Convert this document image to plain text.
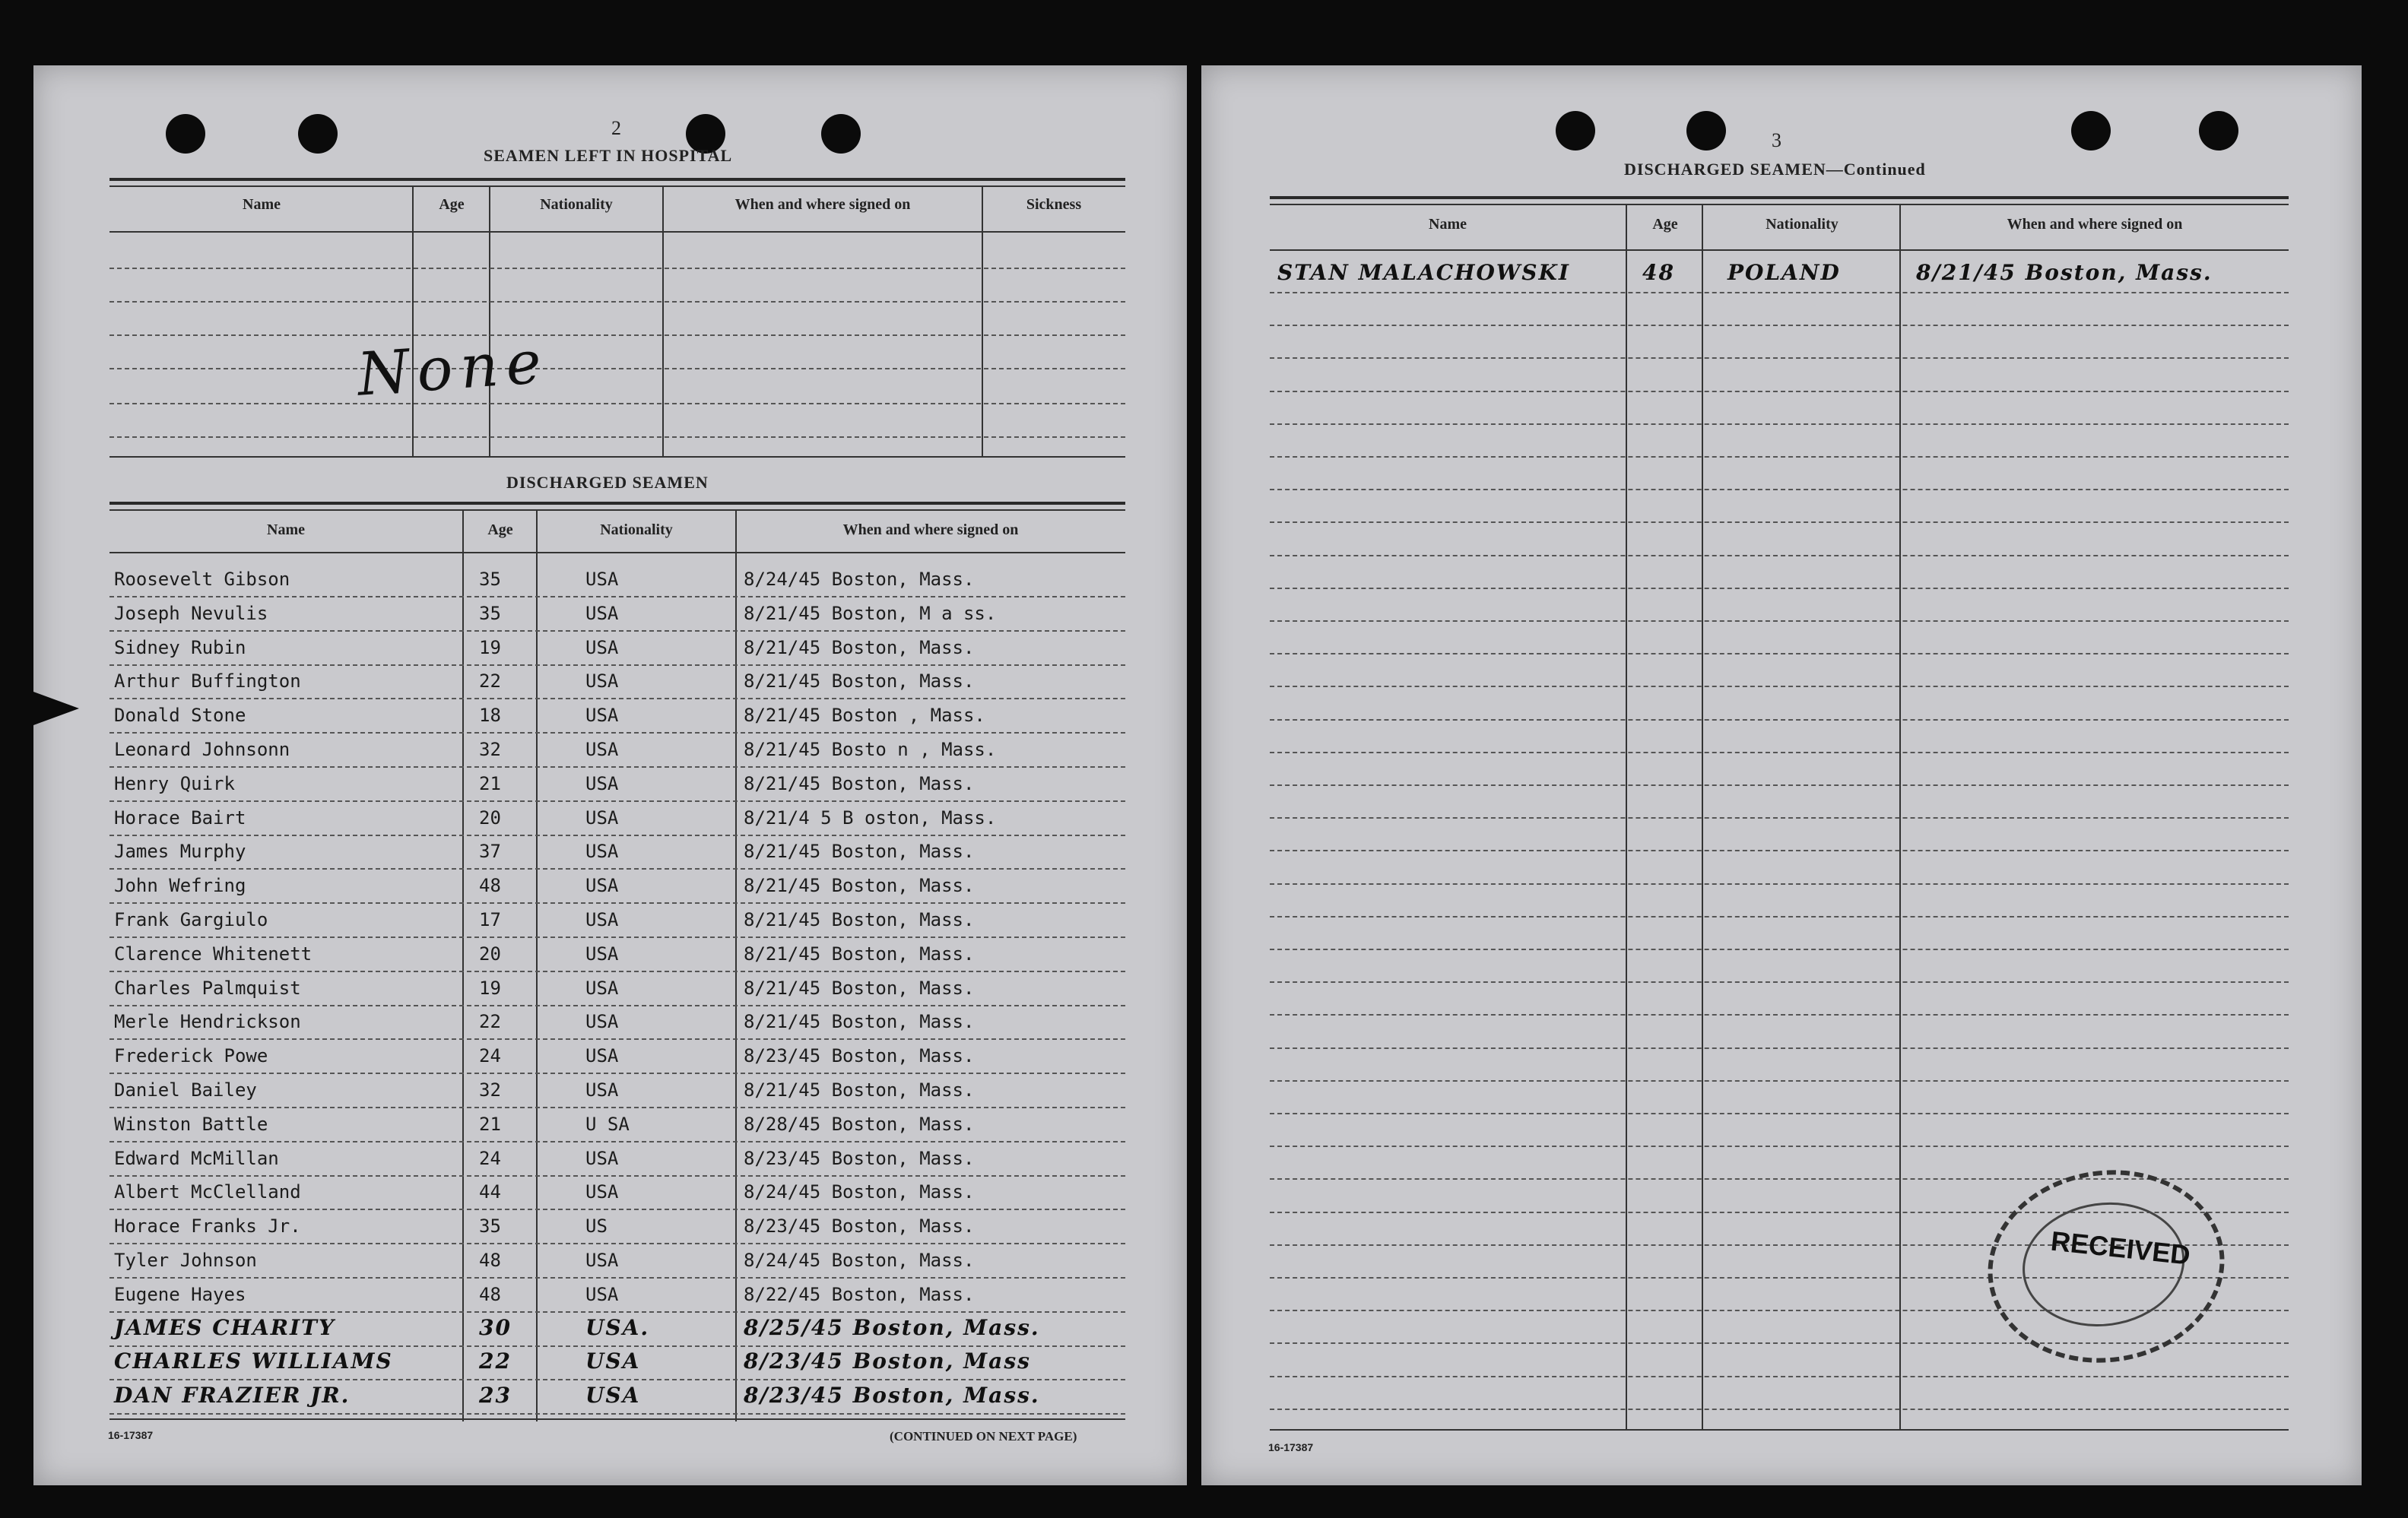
2
SEAMEN LEFT IN HOSPITAL
Name	Age	Nationality	When and where signed on	Sickness
None
DISCHARGED SEAMEN
Name	Age	Nationality	When and where signed on
Roosevelt Gibson	35	USA	8/24/45 Boston, Mass.
Joseph Nevulis	35	USA	8/21/45 Boston, M a ss.
Sidney Rubin	19	USA	8/21/45 Boston, Mass.
Arthur Buffington	22	USA	8/21/45 Boston, Mass.
Donald Stone	18	USA	8/21/45 Boston , Mass.
Leonard Johnsonn	32	USA	8/21/45 Bosto n , Mass.
Henry Quirk	21	USA	8/21/45 Boston, Mass.
Horace Bairt	20	USA	8/21/4 5 B oston, Mass.
James Murphy	37	USA	8/21/45 Boston, Mass.
John Wefring	48	USA	8/21/45 Boston, Mass.
Frank Gargiulo	17	USA	8/21/45 Boston, Mass.
Clarence Whitenett	20	USA	8/21/45 Boston, Mass.
Charles Palmquist	19	USA	8/21/45 Boston, Mass.
Merle Hendrickson	22	USA	8/21/45 Boston, Mass.
Frederick Powe	24	USA	8/23/45 Boston, Mass.
Daniel Bailey	32	USA	8/21/45 Boston, Mass.
Winston Battle	21	U SA	8/28/45 Boston, Mass.
Edward McMillan	24	USA	8/23/45 Boston, Mass.
Albert McClelland	44	USA	8/24/45 Boston, Mass.
Horace Franks Jr.	35	US	8/23/45 Boston, Mass.
Tyler Johnson	48	USA	8/24/45 Boston, Mass.
Eugene Hayes	48	USA	8/22/45 Boston, Mass.
JAMES CHARITY	30	USA.	8/25/45 Boston, Mass.
CHARLES WILLIAMS	22	USA	8/23/45 Boston, Mass
DAN FRAZIER JR.	23	USA	8/23/45 Boston, Mass.
16-17387	(CONTINUED ON NEXT PAGE)
3
DISCHARGED SEAMEN—Continued
Name	Age	Nationality	When and where signed on
STAN MALACHOWSKI	48 POLAND	8/21/45 Boston, Mass.
16-17387
RECEIVED
